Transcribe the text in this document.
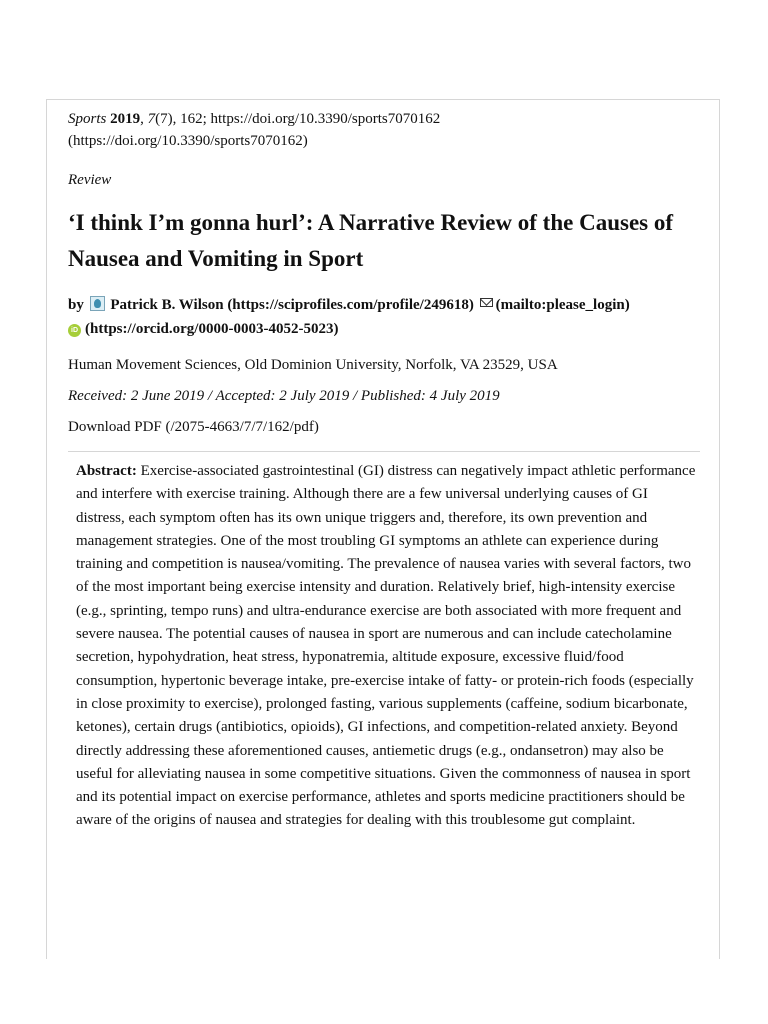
Sports 2019, 7(7), 162; https://doi.org/10.3390/sports7070162
(https://doi.org/10.3390/sports7070162)

Review

‘I think I’m gonna hurl’: A Narrative Review of the Causes of Nausea and Vomiting in Sport

by Patrick B. Wilson (https://sciprofiles.com/profile/249618) (mailto:please_login)
iD (https://orcid.org/0000-0003-4052-5023)

Human Movement Sciences, Old Dominion University, Norfolk, VA 23529, USA

Received: 2 June 2019 / Accepted: 2 July 2019 / Published: 4 July 2019

Download PDF (/2075-4663/7/7/162/pdf)

Abstract: Exercise-associated gastrointestinal (GI) distress can negatively impact athletic performance and interfere with exercise training. Although there are a few universal underlying causes of GI distress, each symptom often has its own unique triggers and, therefore, its own prevention and management strategies. One of the most troubling GI symptoms an athlete can experience during training and competition is nausea/vomiting. The prevalence of nausea varies with several factors, two of the most important being exercise intensity and duration. Relatively brief, high-intensity exercise (e.g., sprinting, tempo runs) and ultra-endurance exercise are both associated with more frequent and severe nausea. The potential causes of nausea in sport are numerous and can include catecholamine secretion, hypohydration, heat stress, hyponatremia, altitude exposure, excessive fluid/food consumption, hypertonic beverage intake, pre-exercise intake of fatty- or protein-rich foods (especially in close proximity to exercise), prolonged fasting, various supplements (caffeine, sodium bicarbonate, ketones), certain drugs (antibiotics, opioids), GI infections, and competition-related anxiety. Beyond directly addressing these aforementioned causes, antiemetic drugs (e.g., ondansetron) may also be useful for alleviating nausea in some competitive situations. Given the commonness of nausea in sport and its potential impact on exercise performance, athletes and sports medicine practitioners should be aware of the origins of nausea and strategies for dealing with this troublesome gut complaint.
